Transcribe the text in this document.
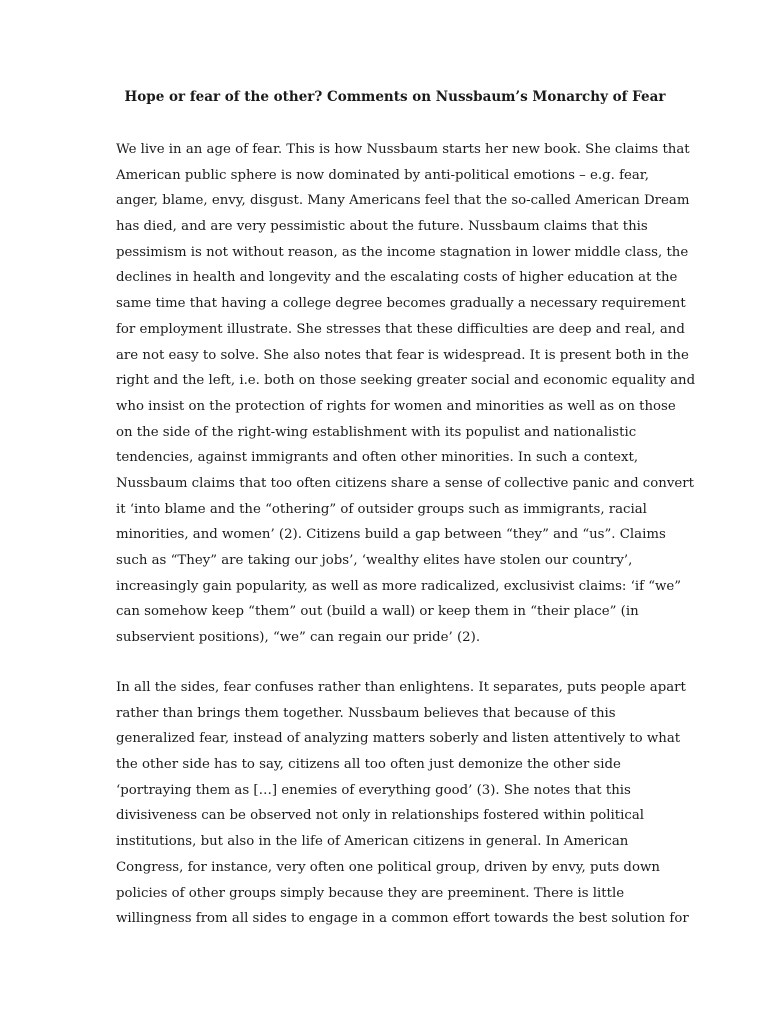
Hope or fear of the other? Comments on Nussbaum’s Monarchy of Fear
We live in an age of fear. This is how Nussbaum starts her new book. She claims that
American public sphere is now dominated by anti-political emotions – e.g. fear,
anger, blame, envy, disgust. Many Americans feel that the so-called American Dream
has died, and are very pessimistic about the future. Nussbaum claims that this
pessimism is not without reason, as the income stagnation in lower middle class, the
declines in health and longevity and the escalating costs of higher education at the
same time that having a college degree becomes gradually a necessary requirement
for employment illustrate. She stresses that these difficulties are deep and real, and
are not easy to solve. She also notes that fear is widespread. It is present both in the
right and the left, i.e. both on those seeking greater social and economic equality and
who insist on the protection of rights for women and minorities as well as on those
on the side of the right-wing establishment with its populist and nationalistic
tendencies, against immigrants and often other minorities. In such a context,
Nussbaum claims that too often citizens share a sense of collective panic and convert
it ‘into blame and the “othering” of outsider groups such as immigrants, racial
minorities, and women’ (2). Citizens build a gap between “they” and “us”. Claims
such as “They” are taking our jobs’, ‘wealthy elites have stolen our country’,
increasingly gain popularity, as well as more radicalized, exclusivist claims: ‘if “we”
can somehow keep “them” out (build a wall) or keep them in “their place” (in
subservient positions), “we” can regain our pride’ (2).
In all the sides, fear confuses rather than enlightens. It separates, puts people apart
rather than brings them together. Nussbaum believes that because of this
generalized fear, instead of analyzing matters soberly and listen attentively to what
the other side has to say, citizens all too often just demonize the other side
‘portraying them as […] enemies of everything good’ (3). She notes that this
divisiveness can be observed not only in relationships fostered within political
institutions, but also in the life of American citizens in general. In American
Congress, for instance, very often one political group, driven by envy, puts down
policies of other groups simply because they are preeminent. There is little
willingness from all sides to engage in a common effort towards the best solution for
